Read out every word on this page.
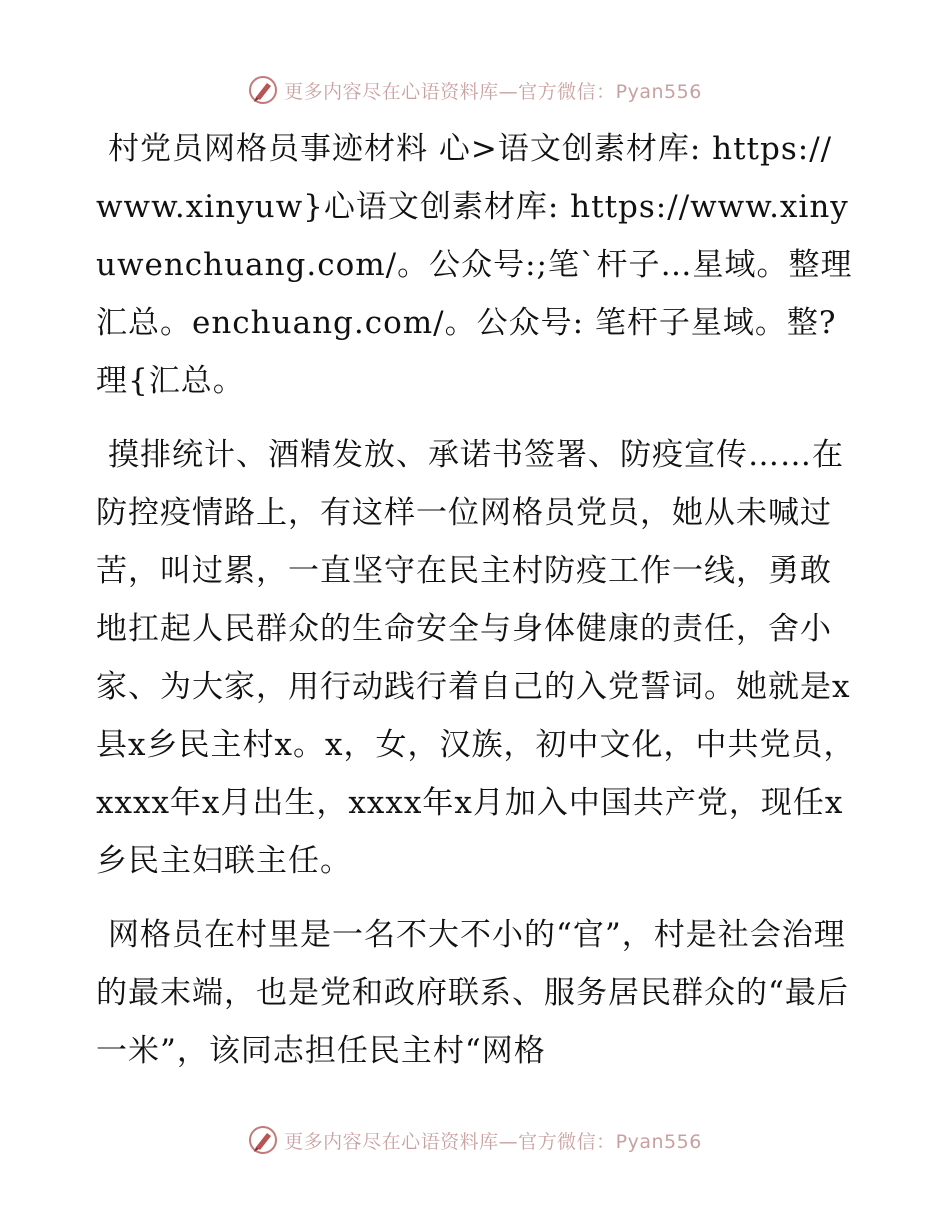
更多内容尽在心语资料库—官方微信：Pyan556

村党员网格员事迹材料 心>语文创素材库: https://www.xinyuw}心语文创素材库: https://www.xinyuwenchuang.com/。公众号:;笔`杆子…星域。整理汇总。enchuang.com/。公众号: 笔杆子星域。整?理{汇总。

摸排统计、酒精发放、承诺书签署、防疫宣传……在防控疫情路上，有这样一位网格员党员，她从未喊过苦，叫过累，一直坚守在民主村防疫工作一线，勇敢地扛起人民群众的生命安全与身体健康的责任，舍小家、为大家，用行动践行着自己的入党誓词。她就是x县x乡民主村x。x，女，汉族，初中文化，中共党员，xxxx年x月出生，xxxx年x月加入中国共产党，现任x乡民主妇联主任。

网格员在村里是一名不大不小的“官”，村是社会治理的最末端，也是党和政府联系、服务居民群众的“最后一米”，该同志担任民主村“网格

更多内容尽在心语资料库—官方微信：Pyan556
